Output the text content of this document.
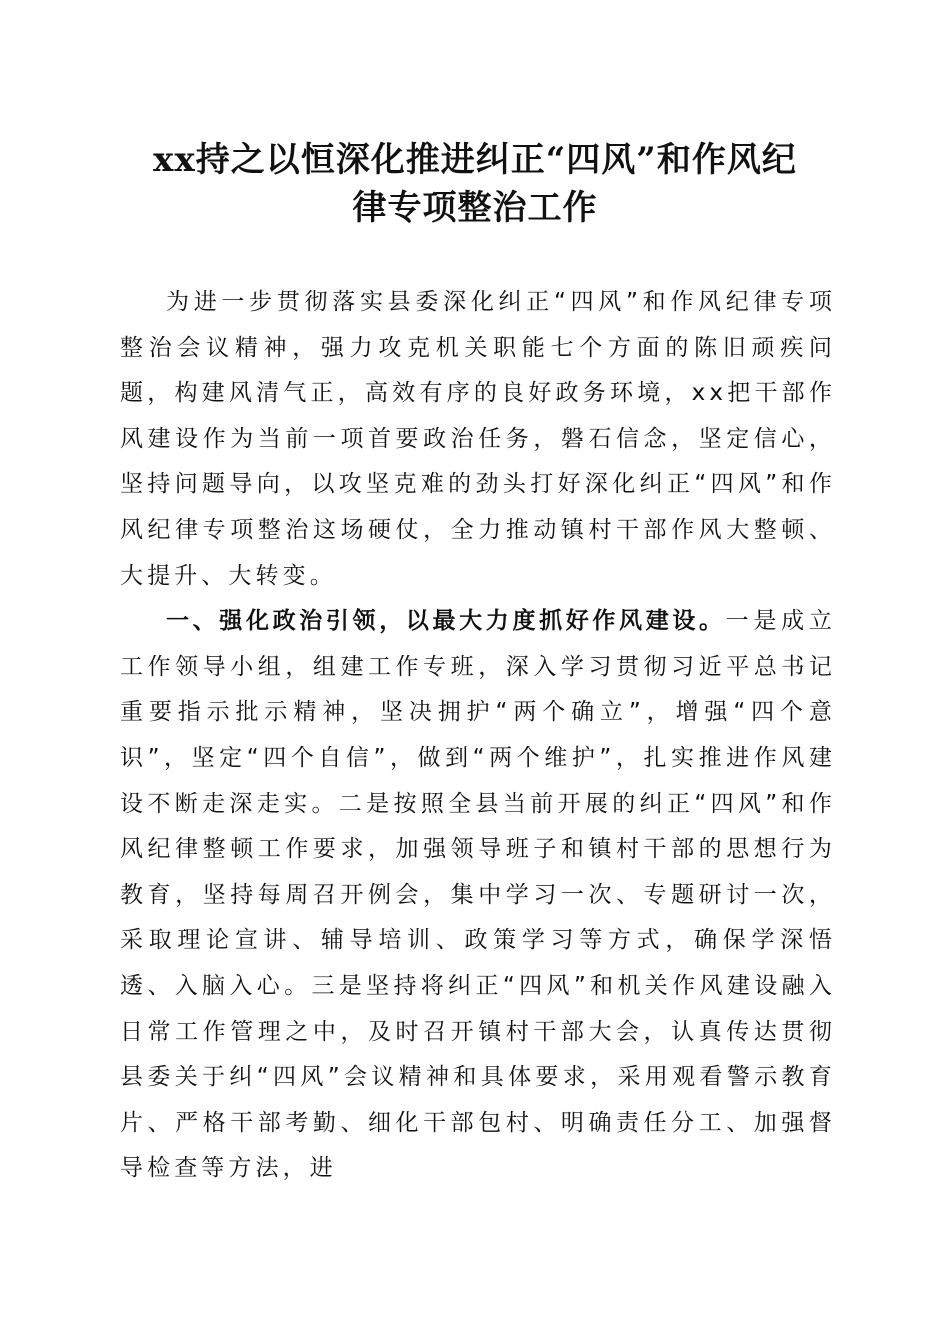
xx持之以恒深化推进纠正“四风”和作风纪
律专项整治工作

为进一步贯彻落实县委深化纠正“四风”和作风纪律专项整治会议精神，强力攻克机关职能七个方面的陈旧顽疾问题，构建风清气正，高效有序的良好政务环境，xx把干部作风建设作为当前一项首要政治任务，磐石信念，坚定信心，坚持问题导向，以攻坚克难的劲头打好深化纠正“四风”和作风纪律专项整治这场硬仗，全力推动镇村干部作风大整顿、大提升、大转变。

一、强化政治引领，以最大力度抓好作风建设。一是成立工作领导小组，组建工作专班，深入学习贯彻习近平总书记重要指示批示精神，坚决拥护“两个确立”，增强“四个意识”，坚定“四个自信”，做到“两个维护”，扎实推进作风建设不断走深走实。二是按照全县当前开展的纠正“四风”和作风纪律整顿工作要求，加强领导班子和镇村干部的思想行为教育，坚持每周召开例会，集中学习一次、专题研讨一次，采取理论宣讲、辅导培训、政策学习等方式，确保学深悟透、入脑入心。三是坚持将纠正“四风”和机关作风建设融入日常工作管理之中，及时召开镇村干部大会，认真传达贯彻县委关于纠“四风”会议精神和具体要求，采用观看警示教育片、严格干部考勤、细化干部包村、明确责任分工、加强督导检查等方法，进
